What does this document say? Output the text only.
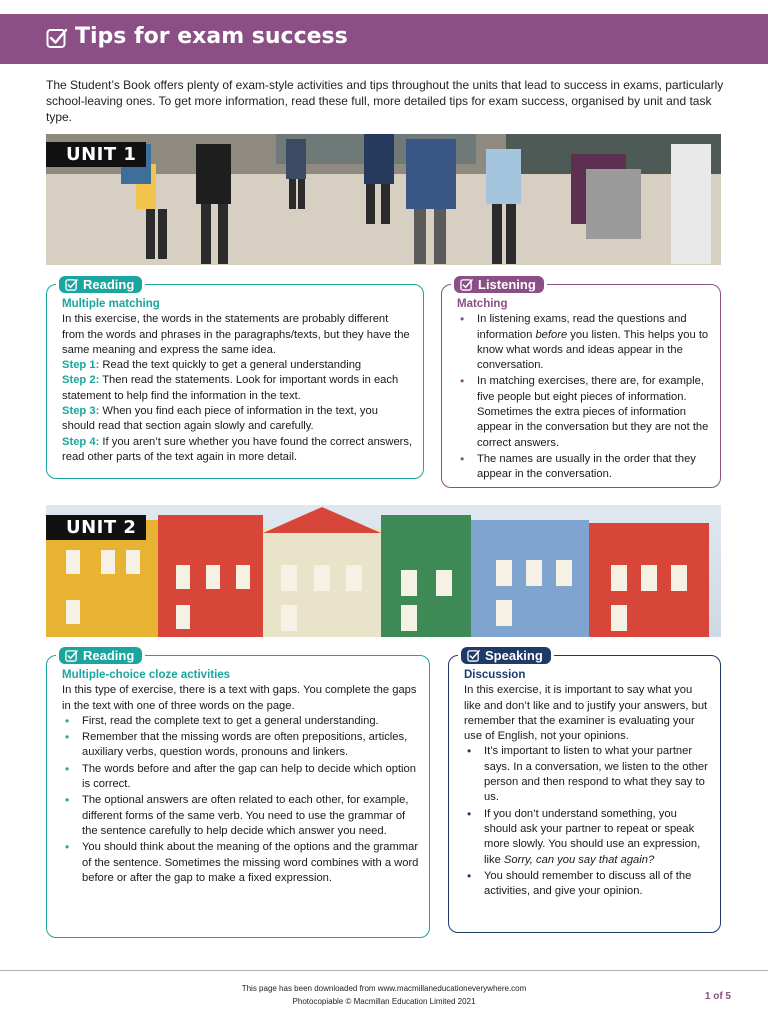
Tips for exam success
The Student’s Book offers plenty of exam-style activities and tips throughout the units that lead to success in exams, particularly school-leaving ones. To get more information, read these full, more detailed tips for exam success, organised by unit and task type.
UNIT 1
Reading
Multiple matching
In this exercise, the words in the statements are probably different from the words and phrases in the paragraphs/texts, but they have the same meaning and express the same idea.
Step 1: Read the text quickly to get a general understanding
Step 2: Then read the statements. Look for important words in each statement to help find the information in the text.
Step 3: When you find each piece of information in the text, you should read that section again slowly and carefully.
Step 4: If you aren’t sure whether you have found the correct answers, read other parts of the text again in more detail.
Listening
Matching
• In listening exams, read the questions and information before you listen. This helps you to know what words and ideas appear in the conversation.
• In matching exercises, there are, for example, five people but eight pieces of information. Sometimes the extra pieces of information appear in the conversation but they are not the correct answers.
• The names are usually in the order that they appear in the conversation.
UNIT 2
Reading
Multiple-choice cloze activities
In this type of exercise, there is a text with gaps. You complete the gaps in the text with one of three words on the page.
• First, read the complete text to get a general understanding.
• Remember that the missing words are often prepositions, articles, auxiliary verbs, question words, pronouns and linkers.
• The words before and after the gap can help to decide which option is correct.
• The optional answers are often related to each other, for example, different forms of the same verb. You need to use the grammar of the sentence carefully to help decide which answer you need.
• You should think about the meaning of the options and the grammar of the sentence. Sometimes the missing word combines with a word before or after the gap to make a fixed expression.
Speaking
Discussion
In this exercise, it is important to say what you like and don’t like and to justify your answers, but remember that the examiner is evaluating your use of English, not your opinions.
• It’s important to listen to what your partner says. In a conversation, we listen to the other person and then respond to what they say to us.
• If you don’t understand something, you should ask your partner to repeat or speak more slowly. You should use an expression, like Sorry, can you say that again?
• You should remember to discuss all of the activities, and give your opinion.
This page has been downloaded from www.macmillaneducationeverywhere.com
Photocopiable © Macmillan Education Limited 2021	1 of 5
